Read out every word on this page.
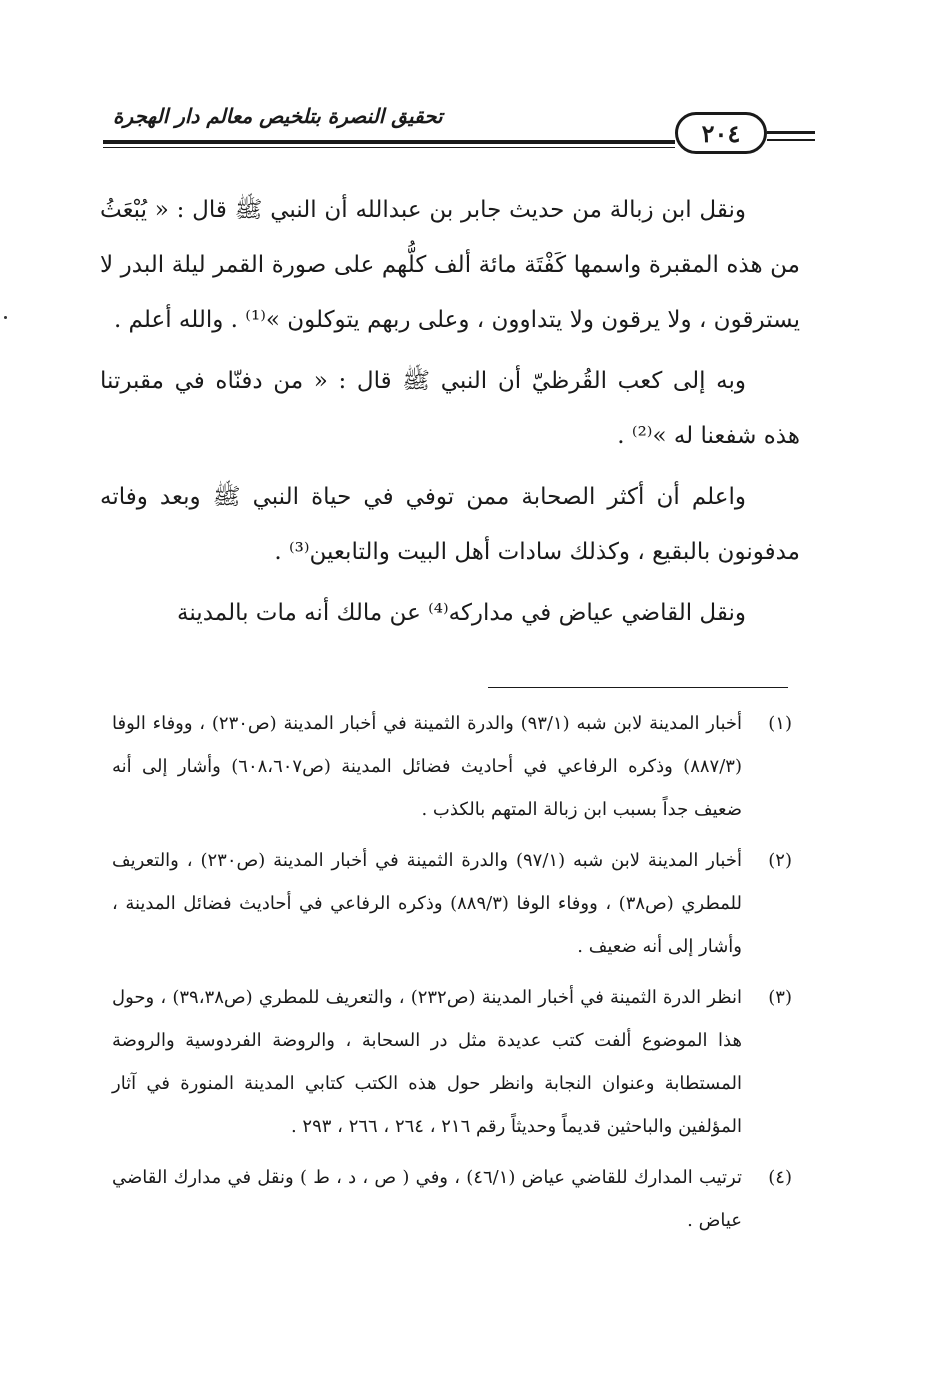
تحقيق النصرة بتلخيص معالم دار الهجرة
٢٠٤

ونقل ابن زبالة من حديث جابر بن عبدالله أن النبي ﷺ قال : « يُبْعَثُ من هذه المقبرة واسمها كَفْتَة مائة ألف كلُّهم على صورة القمر ليلة البدر لا يسترقون ، ولا يرقون ولا يتداوون ، وعلى ربهم يتوكلون »⁽¹⁾ . والله أعلم .

وبه إلى كعب القُرظيّ أن النبي ﷺ قال : « من دفنّاه في مقبرتنا هذه شفعنا له »⁽²⁾ .

واعلم أن أكثر الصحابة ممن توفي في حياة النبي ﷺ وبعد وفاته مدفونون بالبقيع ، وكذلك سادات أهل البيت والتابعين⁽³⁾ .

ونقل القاضي عياض في مداركه⁽⁴⁾ عن مالك أنه مات بالمدينة

(١)
أخبار المدينة لابن شبه (٩٣/١) والدرة الثمينة في أخبار المدينة (ص٢٣٠) ، ووفاء الوفا (٨٨٧/٣) وذكره الرفاعي في أحاديث فضائل المدينة (ص٦٠٨،٦٠٧) وأشار إلى أنه ضعيف جداً بسبب ابن زبالة المتهم بالكذب .
(٢)
أخبار المدينة لابن شبه (٩٧/١) والدرة الثمينة في أخبار المدينة (ص٢٣٠) ، والتعريف للمطري (ص٣٨) ، ووفاء الوفا (٨٨٩/٣) وذكره الرفاعي في أحاديث فضائل المدينة ، وأشار إلى أنه ضعيف .
(٣)
انظر الدرة الثمينة في أخبار المدينة (ص٢٣٢) ، والتعريف للمطري (ص٣٩،٣٨) ، وحول هذا الموضوع ألفت كتب عديدة مثل در السحابة ، والروضة الفردوسية والروضة المستطابة وعنوان النجابة وانظر حول هذه الكتب كتابي المدينة المنورة في آثار المؤلفين والباحثين قديماً وحديثاً رقم ٢١٦ ، ٢٦٤ ، ٢٦٦ ، ٢٩٣ .
(٤)
ترتيب المدارك للقاضي عياض (٤٦/١) ، وفي ( ص ، د ، ط ) ونقل في مدارك القاضي عياض .
